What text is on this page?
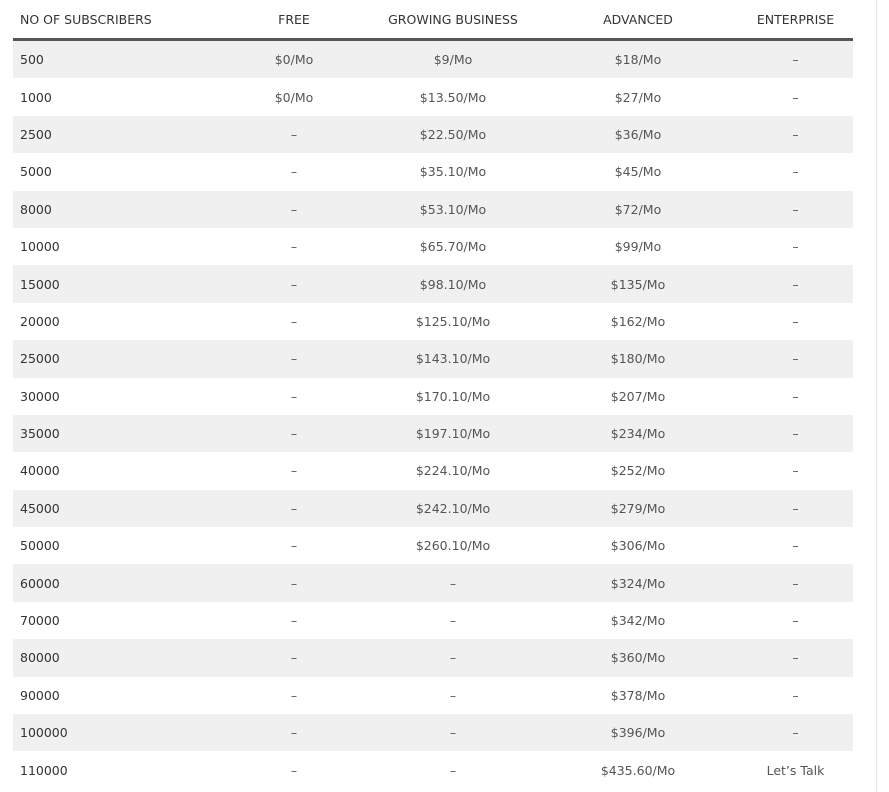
NO OF SUBSCRIBERS	FREE	GROWING BUSINESS	ADVANCED	ENTERPRISE
500	$0/Mo	$9/Mo	$18/Mo	–
1000	$0/Mo	$13.50/Mo	$27/Mo	–
2500	–	$22.50/Mo	$36/Mo	–
5000	–	$35.10/Mo	$45/Mo	–
8000	–	$53.10/Mo	$72/Mo	–
10000	–	$65.70/Mo	$99/Mo	–
15000	–	$98.10/Mo	$135/Mo	–
20000	–	$125.10/Mo	$162/Mo	–
25000	–	$143.10/Mo	$180/Mo	–
30000	–	$170.10/Mo	$207/Mo	–
35000	–	$197.10/Mo	$234/Mo	–
40000	–	$224.10/Mo	$252/Mo	–
45000	–	$242.10/Mo	$279/Mo	–
50000	–	$260.10/Mo	$306/Mo	–
60000	–	–	$324/Mo	–
70000	–	–	$342/Mo	–
80000	–	–	$360/Mo	–
90000	–	–	$378/Mo	–
100000	–	–	$396/Mo	–
110000	–	–	$435.60/Mo	Let’s Talk
